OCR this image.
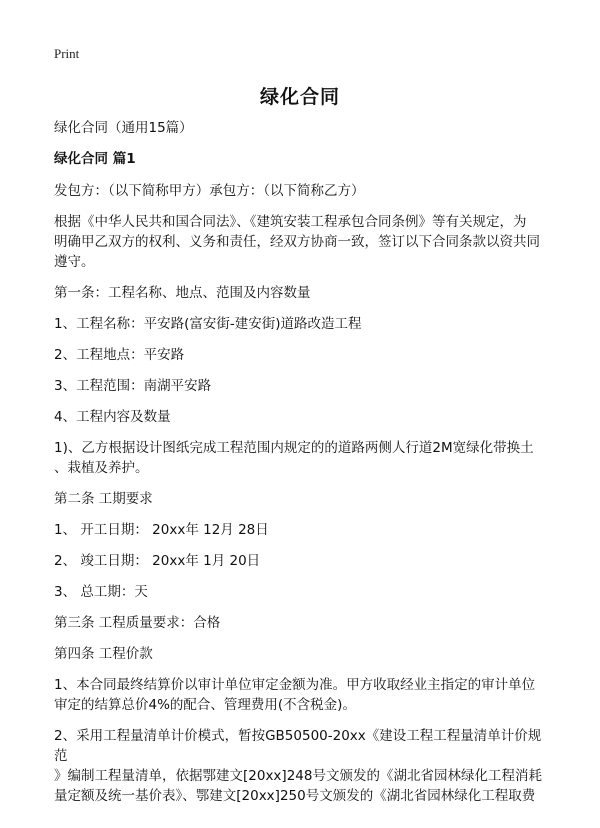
Print
绿化合同

绿化合同（通用15篇）

绿化合同 篇1

发包方：（以下简称甲方）承包方：（以下简称乙方）

根据《中华人民共和国合同法》、《建筑安装工程承包合同条例》等有关规定，为
明确甲乙双方的权利、义务和责任，经双方协商一致，签订以下合同条款以资共同
遵守。

第一条：工程名称、地点、范围及内容数量

1、工程名称：平安路(富安街-建安街)道路改造工程

2、工程地点：平安路

3、工程范围：南湖平安路

4、工程内容及数量

1)、乙方根据设计图纸完成工程范围内规定的的道路两侧人行道2M宽绿化带换土
、栽植及养护。

第二条 工期要求

1、 开工日期： 20xx年 12月 28日

2、 竣工日期： 20xx年 1月 20日

3、 总工期：天

第三条 工程质量要求：合格

第四条 工程价款

1、本合同最终结算价以审计单位审定金额为准。甲方收取经业主指定的审计单位
审定的结算总价4%的配合、管理费用(不含税金)。

2、采用工程量清单计价模式，暂按GB50500-20xx《建设工程工程量清单计价规范
》编制工程量清单，依据鄂建文[20xx]248号文颁发的《湖北省园林绿化工程消耗
量定额及统一基价表》、鄂建文[20xx]250号文颁发的《湖北省园林绿化工程取费
